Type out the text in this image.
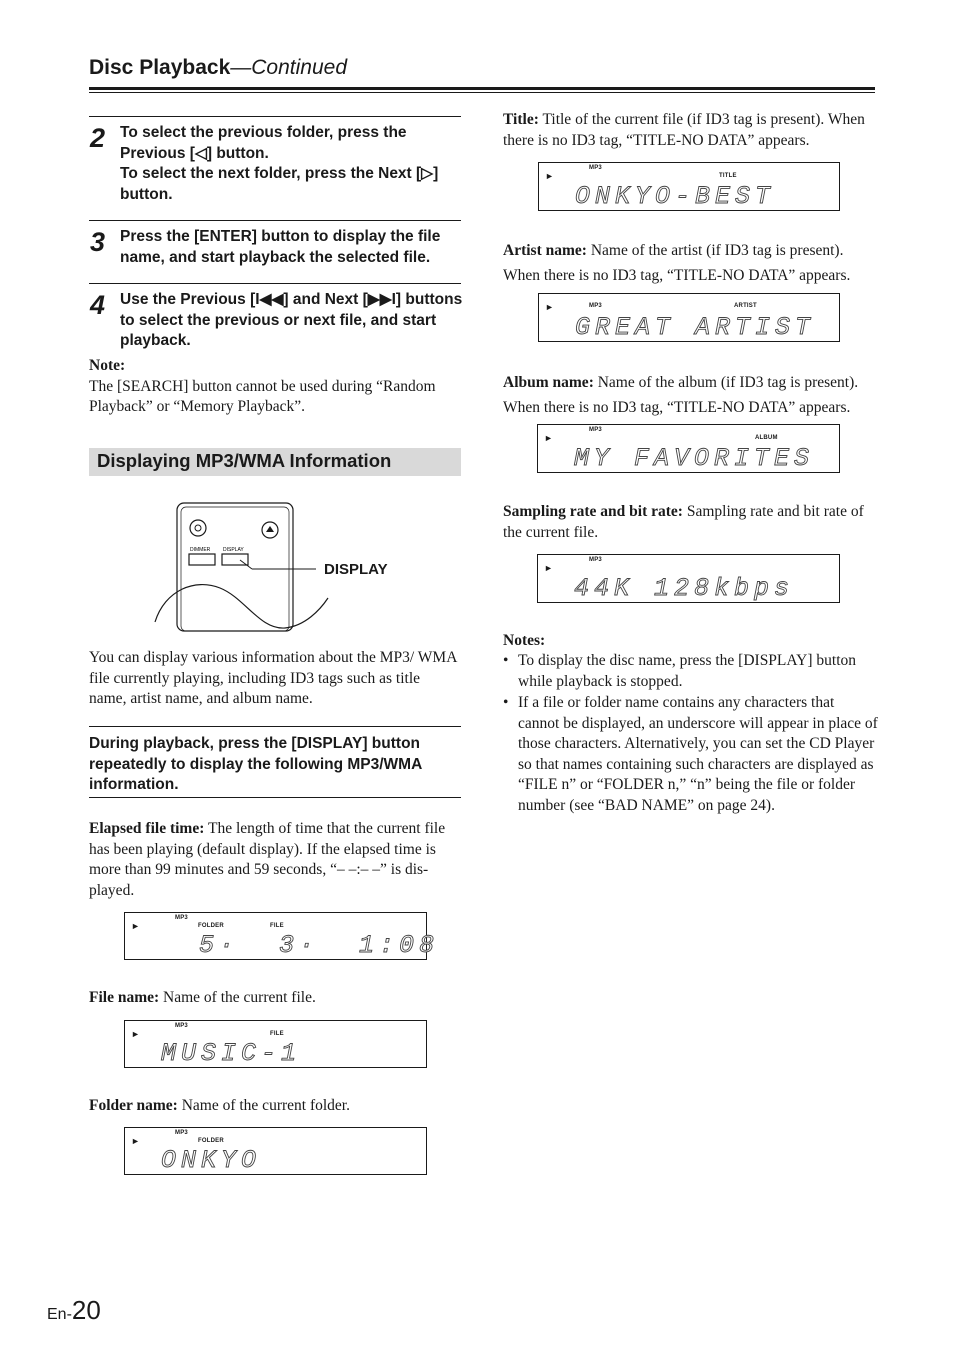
Disc Playback—Continued
2 To select the previous folder, press the Previous [◁] button.

To select the next folder, press the Next [▷] button.

3 Press the [ENTER] button to display the file name, and start playback the selected file.

4 Use the Previous [I◀◀] and Next [▶▶I] buttons to select the previous or next file, and start playback.

Note:
The [SEARCH] button cannot be used during “Random Playback” or “Memory Playback”.
Displaying MP3/WMA Information
DIMMER	DISPLAY
DISPLAY
You can display various information about the MP3/ WMA file currently playing, including ID3 tags such as title name, artist name, and album name.
During playback, press the [DISPLAY] button repeatedly to display the following MP3/WMA information.
Elapsed file time: The length of time that the current file has been playing (default display). If the elapsed time is more than 99 minutes and 59 seconds, “– –:– –” is dis-played.
►
MP3
FOLDER	FILE
5·  3·  1:08
File name: Name of the current file.
►
MP3
FILE
MUSIC-1
Folder name: Name of the current folder.
►
MP3
FOLDER
ONKYO
Title: Title of the current file (if ID3 tag is present). When there is no ID3 tag, “TITLE-NO DATA” appears.
►
MP3
TITLE
ONKYO-BEST
Artist name: Name of the artist (if ID3 tag is present). When there is no ID3 tag, “TITLE-NO DATA” appears.
►	MP3	ARTIST
GREAT ARTIST
Album name: Name of the album (if ID3 tag is present). When there is no ID3 tag, “TITLE-NO DATA” appears.
►
MP3
ALBUM
MY FAVORITES
Sampling rate and bit rate: Sampling rate and bit rate of the current file.
►
MP3
44K 128kbps
Notes:
• To display the disc name, press the [DISPLAY] button while playback is stopped.
• If a file or folder name contains any characters that cannot be displayed, an underscore will appear in place of those characters. Alternatively, you can set the CD Player so that names containing such characters are displayed as “FILE n” or “FOLDER n,” “n” being the file or folder number (see “BAD NAME” on page 24).
En-20
